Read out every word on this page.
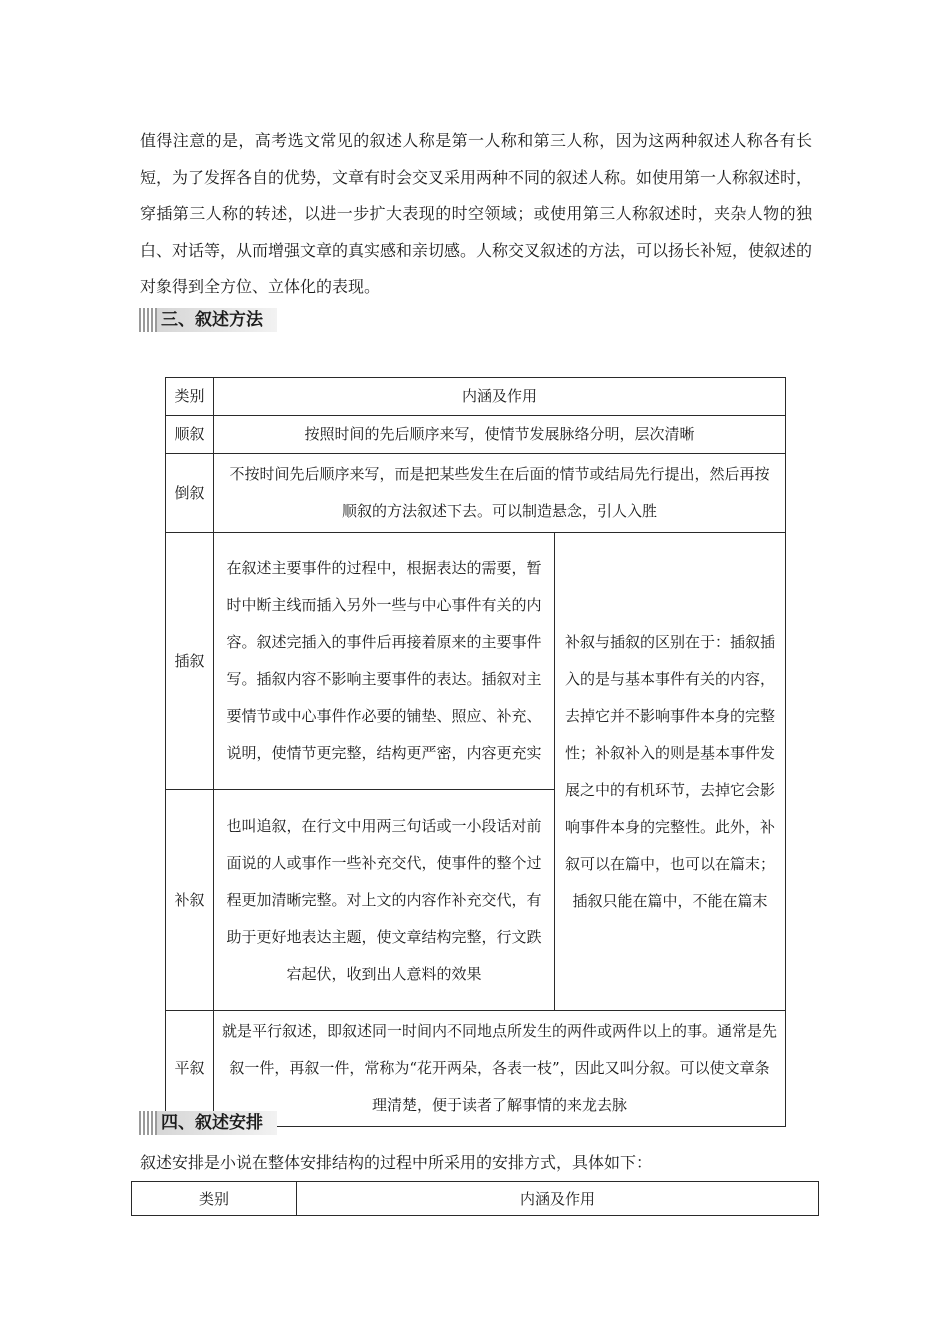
值得注意的是，高考选文常见的叙述人称是第一人称和第三人称，因为这两种叙述人称各有长短，为了发挥各自的优势，文章有时会交叉采用两种不同的叙述人称。如使用第一人称叙述时，穿插第三人称的转述，以进一步扩大表现的时空领域；或使用第三人称叙述时，夹杂人物的独白、对话等，从而增强文章的真实感和亲切感。人称交叉叙述的方法，可以扬长补短，使叙述的对象得到全方位、立体化的表现。

三、叙述方法
类别	内涵及作用	
顺叙	按照时间的先后顺序来写，使情节发展脉络分明，层次清晰	
倒叙	不按时间先后顺序来写，而是把某些发生在后面的情节或结局先行提出，然后再按顺叙的方法叙述下去。可以制造悬念，引人入胜	
插叙	在叙述主要事件的过程中，根据表达的需要，暂时中断主线而插入另外一些与中心事件有关的内容。叙述完插入的事件后再接着原来的主要事件写。插叙内容不影响主要事件的表达。插叙对主要情节或中心事件作必要的铺垫、照应、补充、说明，使情节更完整，结构更严密，内容更充实	补叙与插叙的区别在于：插叙插入的是与基本事件有关的内容，去掉它并不影响事件本身的完整性；补叙补入的则是基本事件发展之中的有机环节，去掉它会影响事件本身的完整性。此外，补叙可以在篇中，也可以在篇末；插叙只能在篇中，不能在篇末
补叙	也叫追叙，在行文中用两三句话或一小段话对前面说的人或事作一些补充交代，使事件的整个过程更加清晰完整。对上文的内容作补充交代，有助于更好地表达主题，使文章结构完整，行文跌宕起伏，收到出人意料的效果	
平叙	就是平行叙述，即叙述同一时间内不同地点所发生的两件或两件以上的事。通常是先叙一件，再叙一件，常称为“花开两朵，各表一枝”，因此又叫分叙。可以使文章条理清楚，便于读者了解事情的来龙去脉	
四、叙述安排

叙述安排是小说在整体安排结构的过程中所采用的安排方式，具体如下：

类别	内涵及作用
